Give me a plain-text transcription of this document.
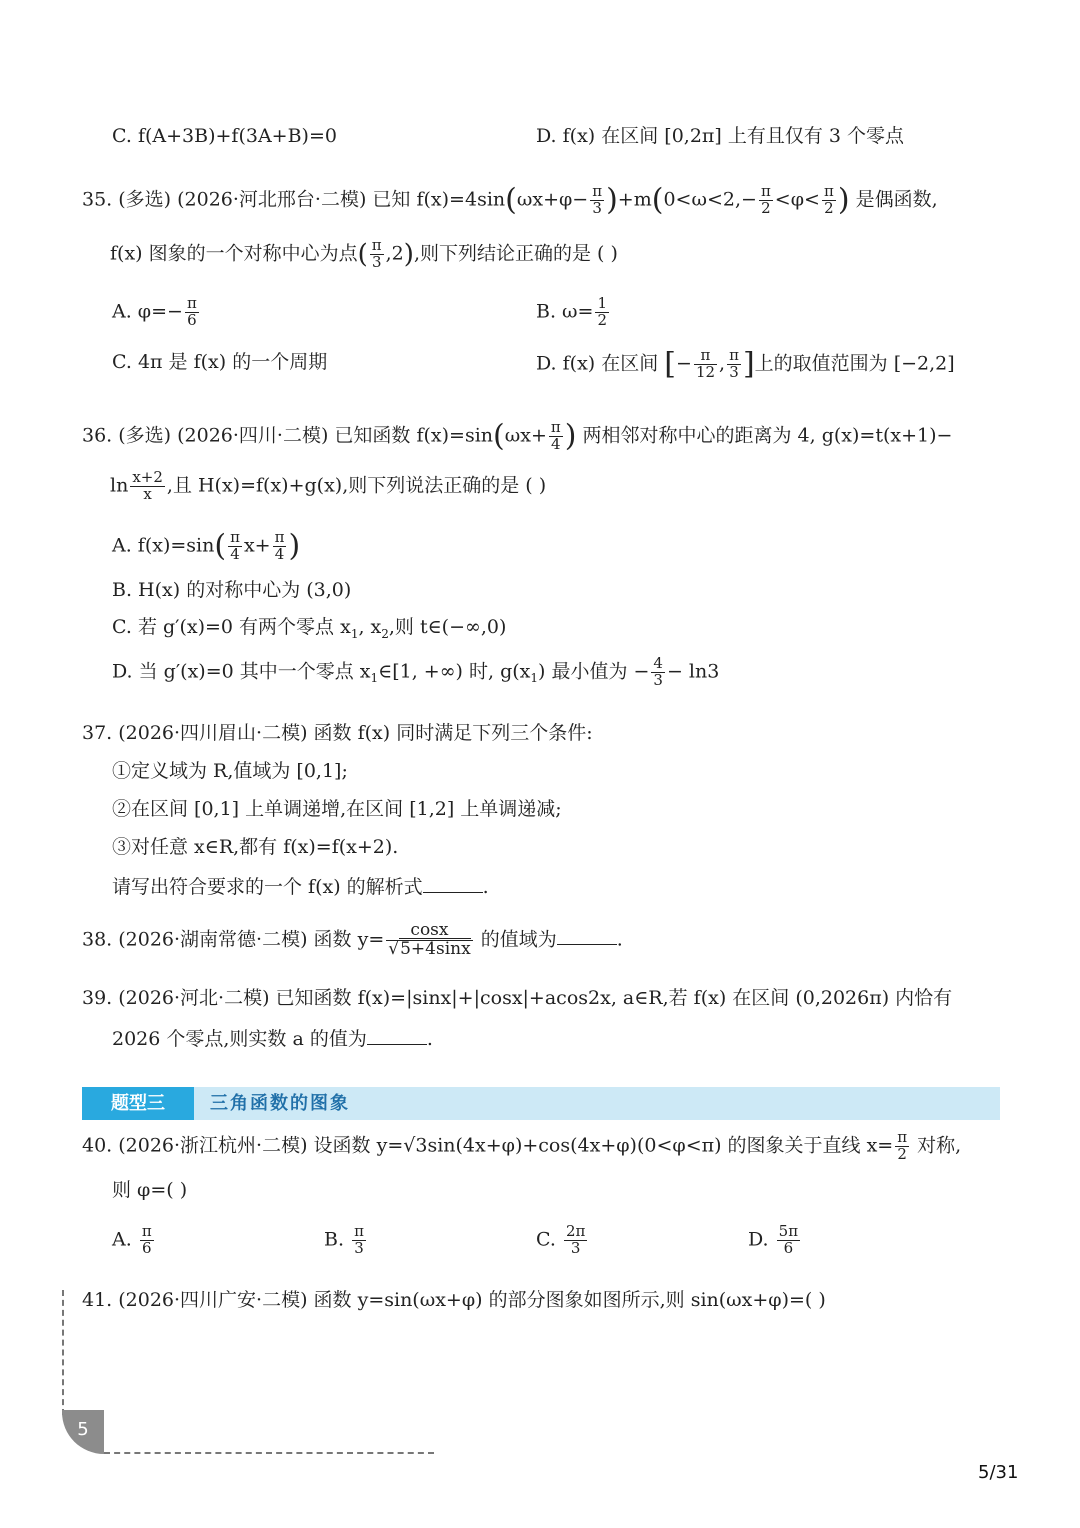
C. f(A+3B)+f(3A+B)=0	D. f(x) 在区间 [0,2π] 上有且仅有 3 个零点
35. (多选) (2026·河北邢台·二模) 已知 $f(x)=4\sin(\omega x+\varphi- \frac{\pi}{3} )+m(0<\omega<2,- \frac{\pi}{2} <\varphi< \frac{\pi}{2}$ ) 是偶函数,
f(x) 图象的一个对称中心为点( $\frac{\pi}{3} ,2$),则下列结论正确的是 ( )
A. $\varphi=- \frac{\pi}{6}$	B. $\omega= \frac{1}{2}$
C. 4π 是 f(x) 的一个周期	D. f(x) 在区间 [− $\frac{\pi}{12}$ , $\frac{\pi}{3}$ ]上的取值范围为 [−2,2]
36. (多选) (2026·四川·二模) 已知函数 $f(x)=\sin(\omega x+ \frac{\pi}{4}$ ) 两相邻对称中心的距离为 4, g(x)=t(x+1)−
$\ln \frac{x+2}{x}$ ,且 H(x)=f(x)+g(x),则下列说法正确的是 ( )
A. $f(x)=\sin( \frac{\pi}{4} x+ \frac{\pi}{4}$ )
B. H(x) 的对称中心为 (3,0)
C. 若 g′(x)=0 有两个零点 $x_1$, $x_2$,则 t∈(−∞,0)
D. 当 g′(x)=0 其中一个零点 $x_1\in[1$, +∞) 时, $g(x_1)$ 最小值为 − $\frac{4}{3} - \ln 3$
37. (2026·四川眉山·二模) 函数 f(x) 同时满足下列三个条件:
①定义域为 R,值域为 [0,1];
②在区间 [0,1] 上单调递增,在区间 [1,2] 上单调递减;
③对任意 x∈R,都有 f(x)=f(x+2).
请写出符合要求的一个 f(x) 的解析式	.
38. (2026·湖南常德·二模) 函数 $y= \frac{\cos x}{√5+4\sin x}$ 的值域为	.
39. (2026·河北·二模) 已知函数 f(x)=|sinx|+|cosx|+acos2x, a∈R,若 f(x) 在区间 (0,2026π) 内恰有
2026 个零点,则实数 a 的值为	.
题型三	三角函数的图象
40. (2026·浙江杭州·二模) 设函数 y=√3sin(4x+φ)+cos(4x+φ)(0<φ<π) 的图象关于直线 $x= \frac{\pi}{2}$ 对称,
则 φ=( )
A. $\frac{\pi}{6}$	B. $\frac{\pi}{3}$	C. $\frac{2\pi}{3}$	D. $\frac{5\pi}{6}$
41. (2026·四川广安·二模) 函数 y=sin(ωx+φ) 的部分图象如图所示,则 sin(ωx+φ)=( )
5
5/31
